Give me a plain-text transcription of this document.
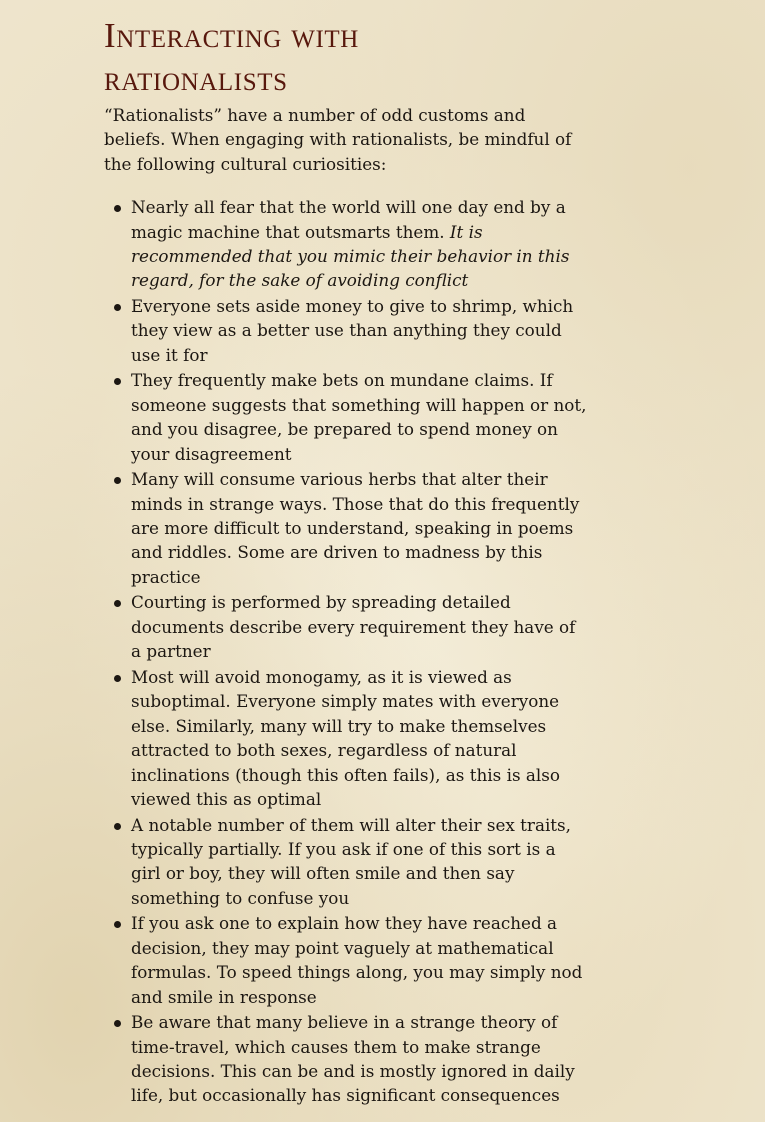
Interacting with
rationalists

“Rationalists” have a number of odd customs and beliefs. When engaging with rationalists, be mindful of the following cultural curiosities:

Nearly all fear that the world will one day end by a magic machine that outsmarts them. It is recommended that you mimic their behavior in this regard, for the sake of avoiding conflict
Everyone sets aside money to give to shrimp, which they view as a better use than anything they could use it for
They frequently make bets on mundane claims. If someone suggests that something will happen or not, and you disagree, be prepared to spend money on your disagreement
Many will consume various herbs that alter their minds in strange ways. Those that do this frequently are more difficult to understand, speaking in poems and riddles. Some are driven to madness by this practice
Courting is performed by spreading detailed documents describe every requirement they have of a partner
Most will avoid monogamy, as it is viewed as suboptimal. Everyone simply mates with everyone else. Similarly, many will try to make themselves attracted to both sexes, regardless of natural inclinations (though this often fails), as this is also viewed this as optimal
A notable number of them will alter their sex traits, typically partially. If you ask if one of this sort is a girl or boy, they will often smile and then say something to confuse you
If you ask one to explain how they have reached a decision, they may point vaguely at mathematical formulas. To speed things along, you may simply nod and smile in response
Be aware that many believe in a strange theory of time-travel, which causes them to make strange decisions. This can be and is mostly ignored in daily life, but occasionally has significant consequences
